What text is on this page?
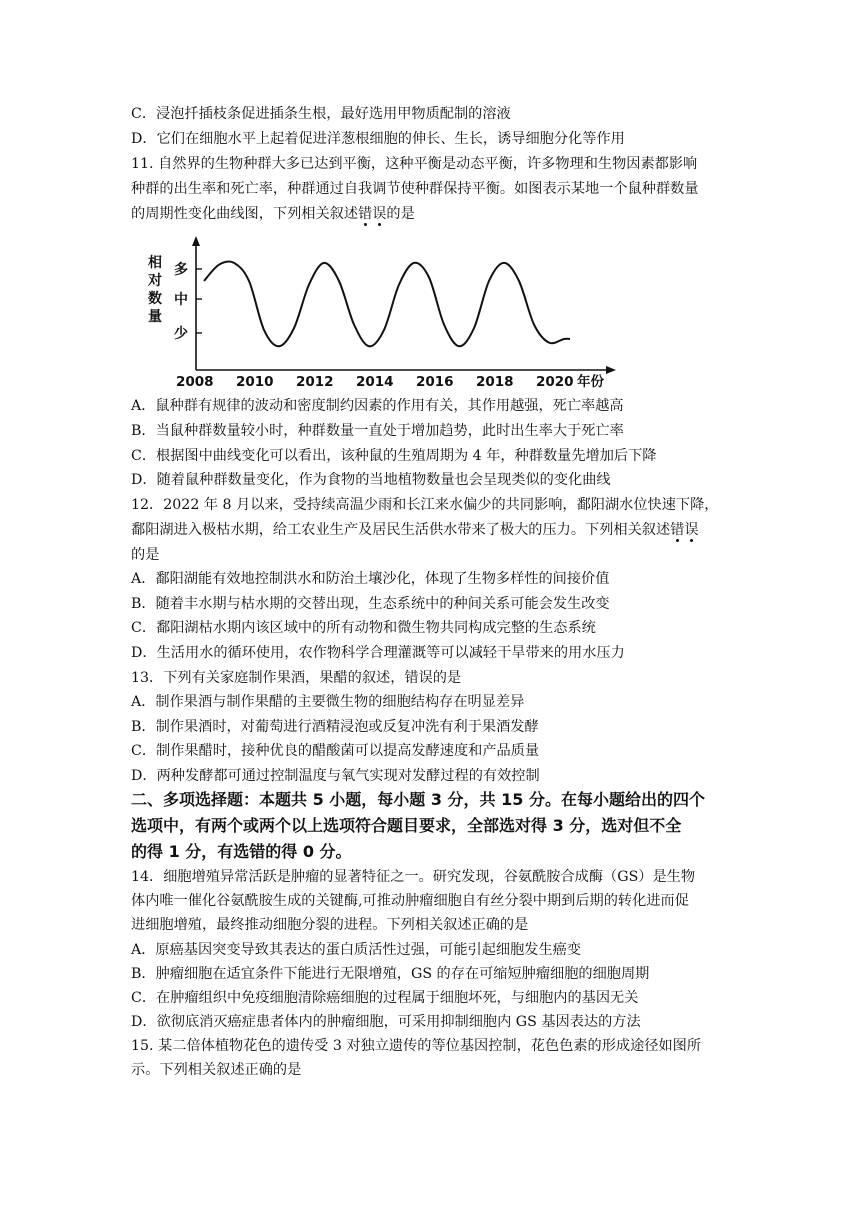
C．浸泡扦插枝条促进插条生根，最好选用甲物质配制的溶液
D．它们在细胞水平上起着促进洋葱根细胞的伸长、生长，诱导细胞分化等作用
11. 自然界的生物种群大多已达到平衡，这种平衡是动态平衡，许多物理和生物因素都影响
种群的出生率和死亡率，种群通过自我调节使种群保持平衡。如图表示某地一个鼠种群数量
的周期性变化曲线图，下列相关叙述错误的是
相
对
数
量
多
中
少
2008 2010 2012 2014 2016 2018 2020 年份
A．鼠种群有规律的波动和密度制约因素的作用有关，其作用越强，死亡率越高
B．当鼠种群数量较小时，种群数量一直处于增加趋势，此时出生率大于死亡率
C．根据图中曲线变化可以看出，该种鼠的生殖周期为 4 年，种群数量先增加后下降
D．随着鼠种群数量变化，作为食物的当地植物数量也会呈现类似的变化曲线
12．2022 年 8 月以来，受持续高温少雨和长江来水偏少的共同影响，鄱阳湖水位快速下降，
鄱阳湖进入极枯水期，给工农业生产及居民生活供水带来了极大的压力。下列相关叙述错误
的是
A．鄱阳湖能有效地控制洪水和防治土壤沙化，体现了生物多样性的间接价值
B．随着丰水期与枯水期的交替出现，生态系统中的种间关系可能会发生改变
C．鄱阳湖枯水期内该区域中的所有动物和微生物共同构成完整的生态系统
D．生活用水的循环使用，农作物科学合理灌溉等可以减轻干旱带来的用水压力
13．下列有关家庭制作果酒，果醋的叙述，错误的是
A．制作果酒与制作果醋的主要微生物的细胞结构存在明显差异
B．制作果酒时，对葡萄进行酒精浸泡或反复冲洗有利于果酒发酵
C．制作果醋时，接种优良的醋酸菌可以提高发酵速度和产品质量
D．两种发酵都可通过控制温度与氧气实现对发酵过程的有效控制
二、多项选择题：本题共 5 小题，每小题 3 分，共 15 分。在每小题给出的四个
选项中，有两个或两个以上选项符合题目要求，全部选对得 3 分，选对但不全
的得 1 分，有选错的得 0 分。
14．细胞增殖异常活跃是肿瘤的显著特征之一。研究发现，谷氨酰胺合成酶（GS）是生物
体内唯一催化谷氨酰胺生成的关键酶,可推动肿瘤细胞自有丝分裂中期到后期的转化进而促
进细胞增殖，最终推动细胞分裂的进程。下列相关叙述正确的是
A．原癌基因突变导致其表达的蛋白质活性过强，可能引起细胞发生癌变
B．肿瘤细胞在适宜条件下能进行无限增殖，GS 的存在可缩短肿瘤细胞的细胞周期
C．在肿瘤组织中免疫细胞清除癌细胞的过程属于细胞坏死，与细胞内的基因无关
D．欲彻底消灭癌症患者体内的肿瘤细胞，可采用抑制细胞内 GS 基因表达的方法
15. 某二倍体植物花色的遗传受 3 对独立遗传的等位基因控制，花色色素的形成途径如图所
示。下列相关叙述正确的是
